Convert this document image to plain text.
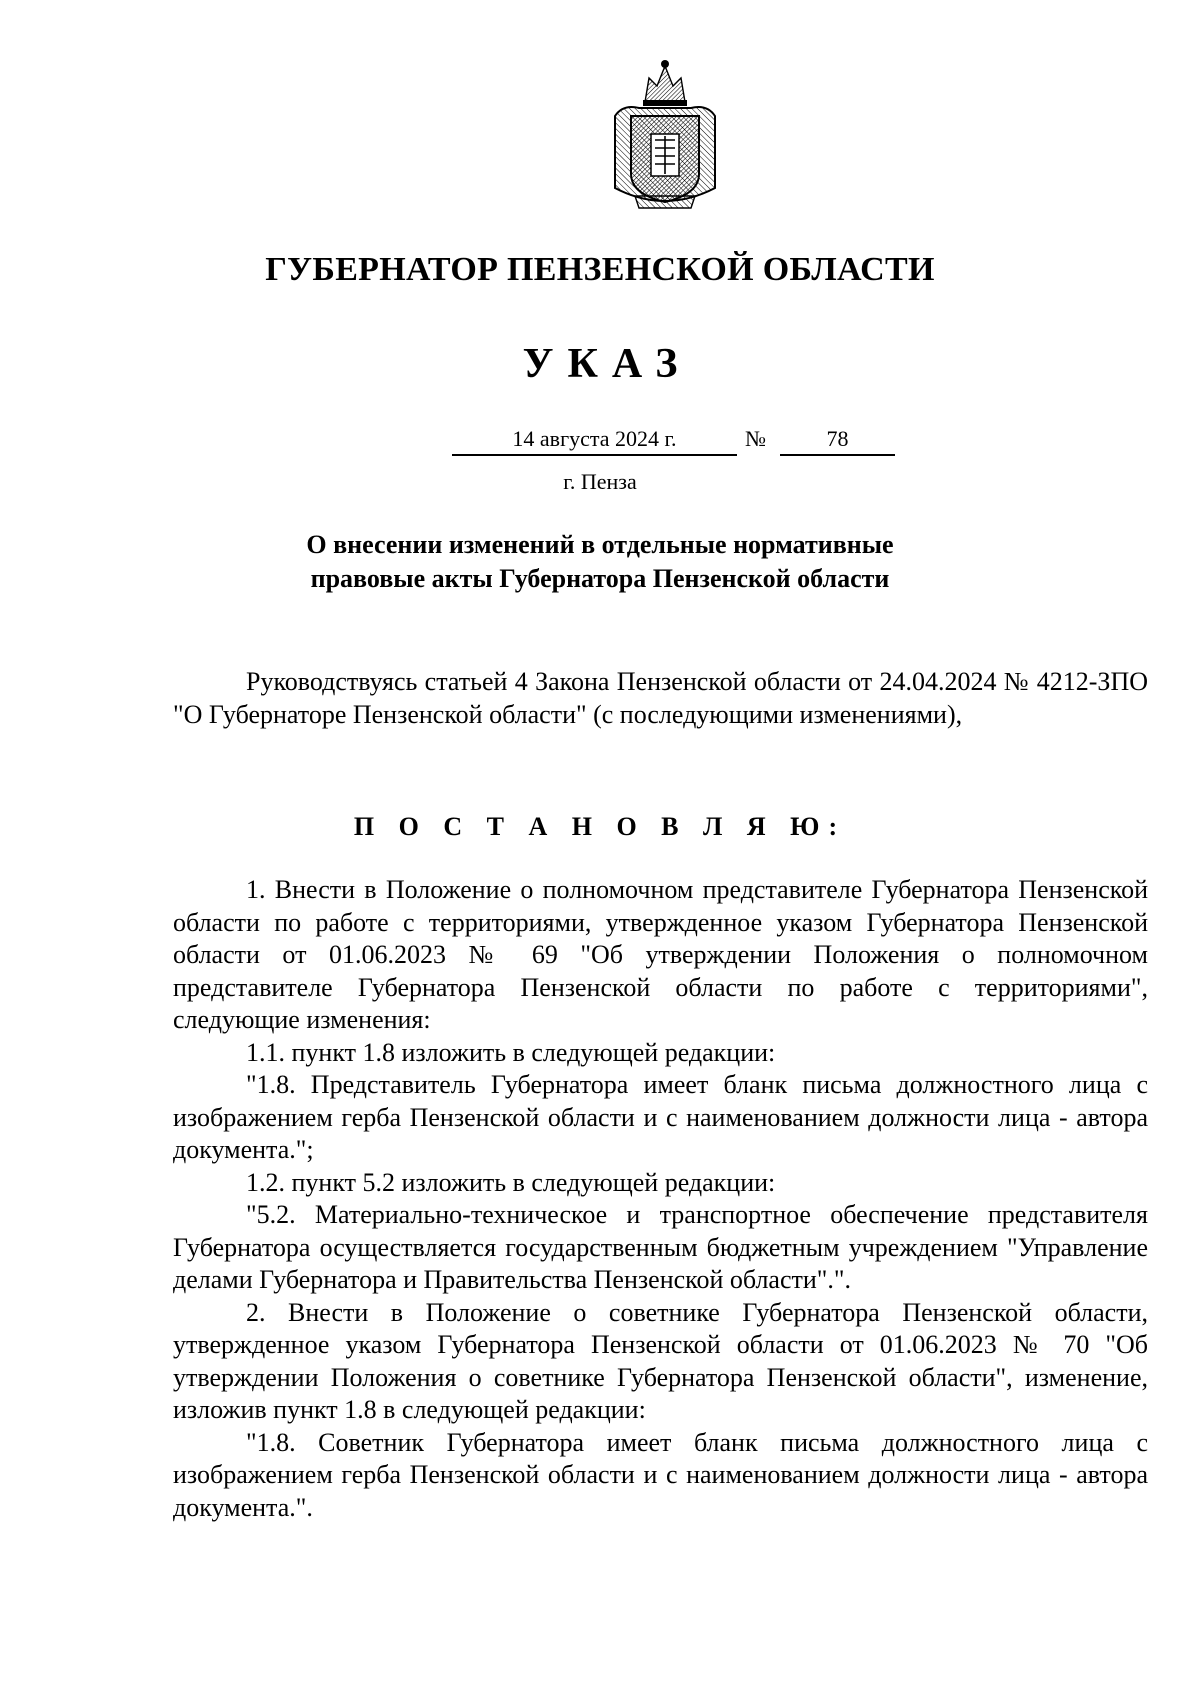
ГУБЕРНАТОР ПЕНЗЕНСКОЙ ОБЛАСТИ
УКАЗ
14 августа 2024 г.	№	78
г. Пенза
О внесении изменений в отдельные нормативные
правовые акты Губернатора Пензенской области

Руководствуясь статьей 4 Закона Пензенской области от 24.04.2024 № 4212-ЗПО "О Губернаторе Пензенской области" (с последующими изменениями),

П О С Т А Н О В Л Я Ю:

1. Внести в Положение о полномочном представителе Губернатора Пензенской области по работе с территориями, утвержденное указом Губернатора Пензенской области от 01.06.2023 № 69 "Об утверждении Положения о полномочном представителе Губернатора Пензенской области по работе с территориями", следующие изменения:

1.1. пункт 1.8 изложить в следующей редакции:

"1.8. Представитель Губернатора имеет бланк письма должностного лица с изображением герба Пензенской области и с наименованием должности лица - автора документа.";

1.2. пункт 5.2 изложить в следующей редакции:

"5.2. Материально-техническое и транспортное обеспечение представителя Губернатора осуществляется государственным бюджетным учреждением "Управление делами Губернатора и Правительства Пензенской области".".

2. Внести в Положение о советнике Губернатора Пензенской области, утвержденное указом Губернатора Пензенской области от 01.06.2023 № 70 "Об утверждении Положения о советнике Губернатора Пензенской области", изменение, изложив пункт 1.8 в следующей редакции:

"1.8. Советник Губернатора имеет бланк письма должностного лица с изображением герба Пензенской области и с наименованием должности лица - автора документа.".
